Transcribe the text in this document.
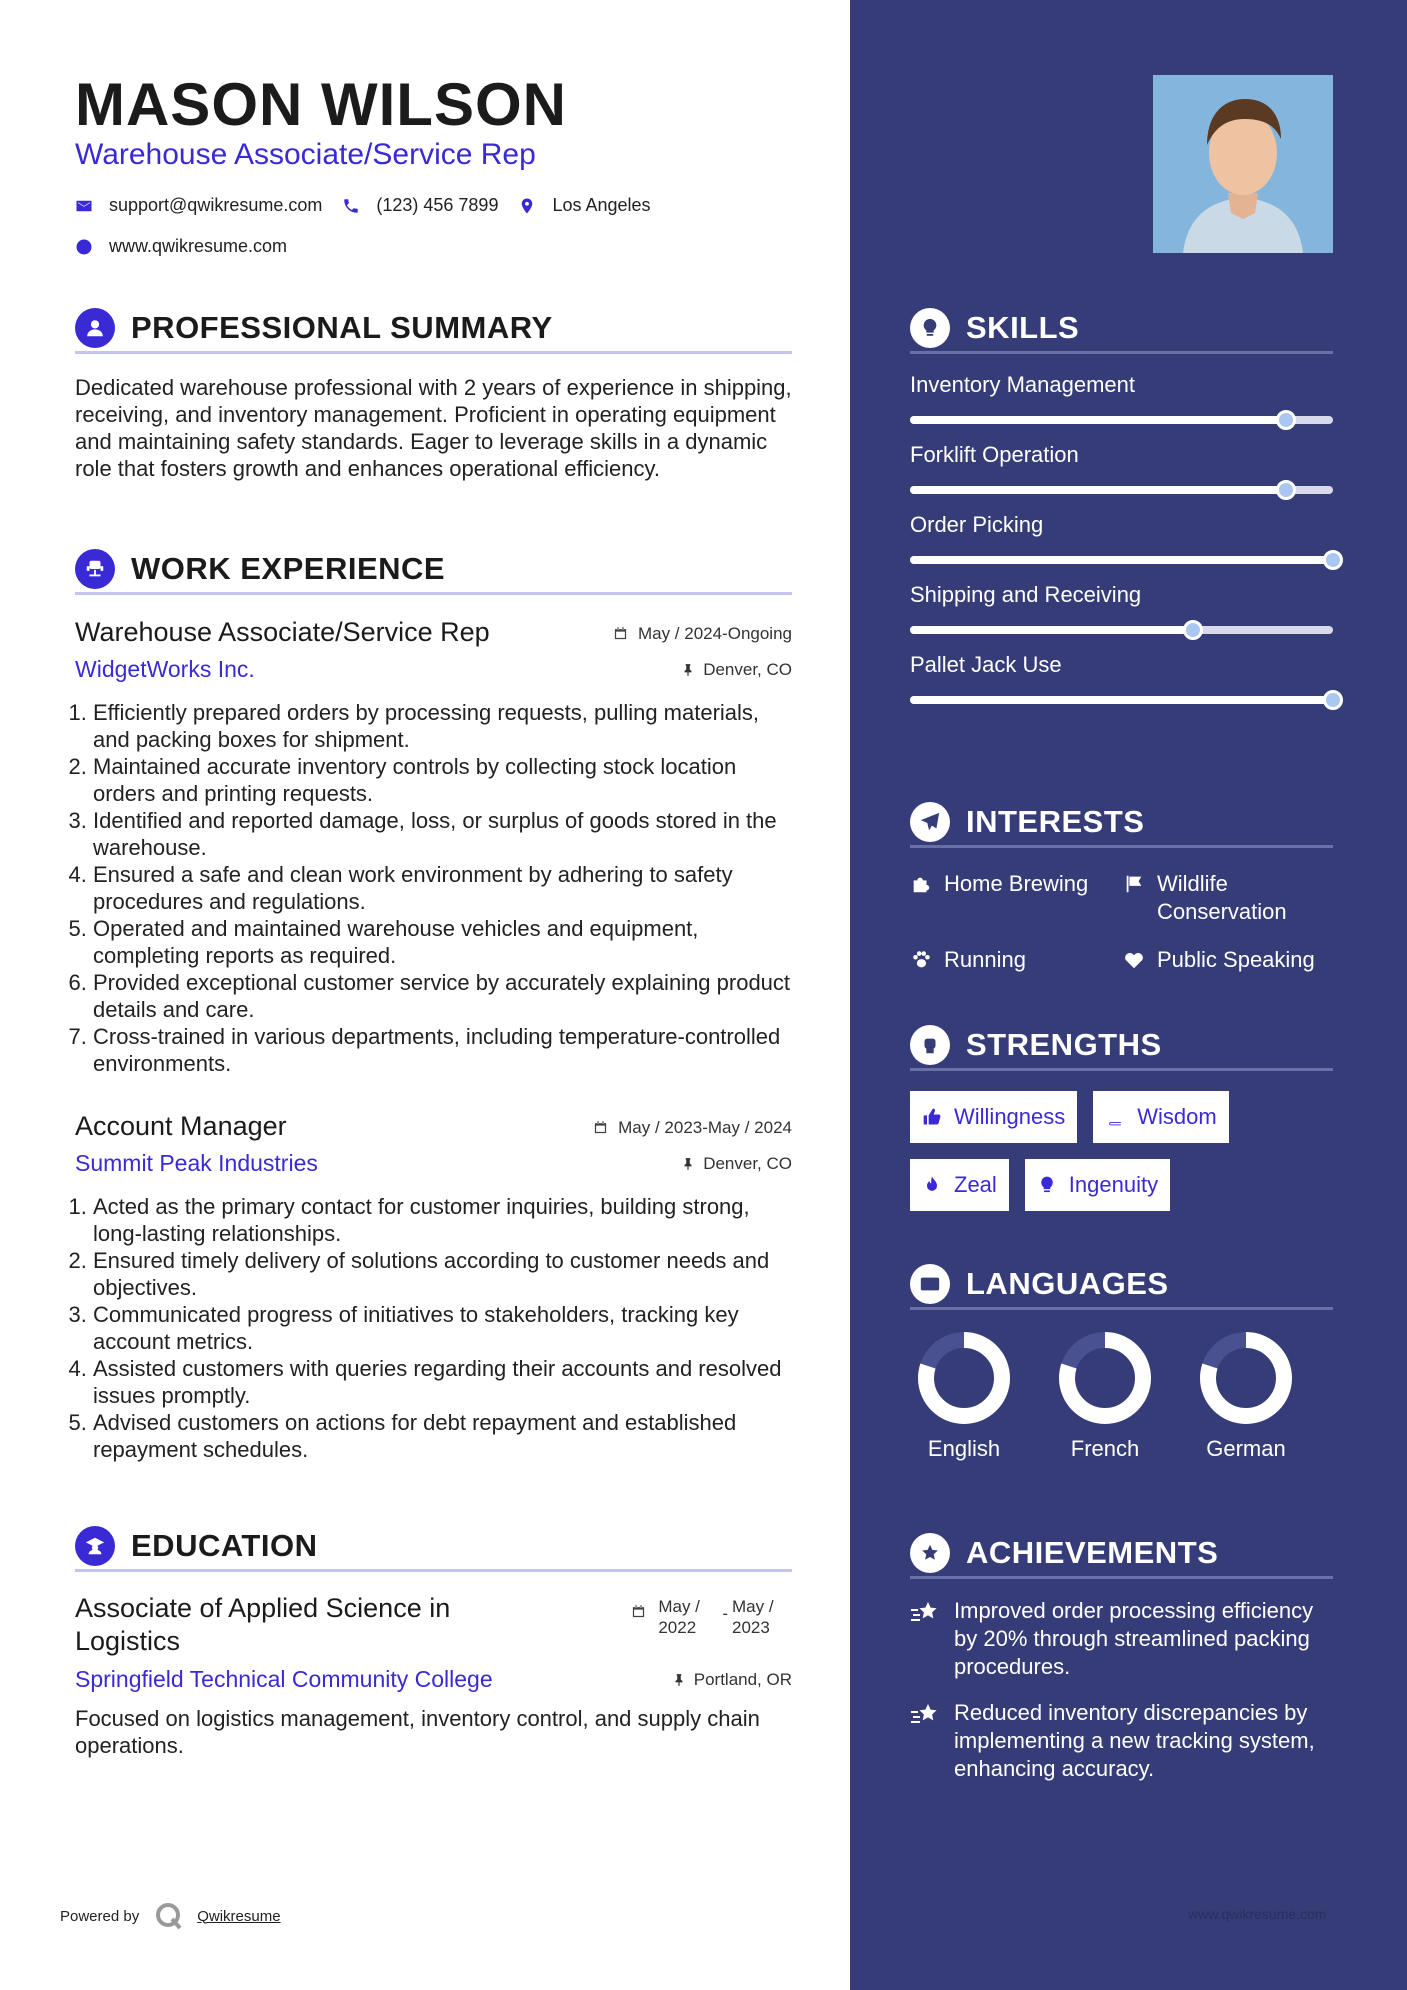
MASON WILSON
Warehouse Associate/Service Rep
support@qwikresume.com	(123) 456 7899	Los Angeles
www.qwikresume.com
PROFESSIONAL SUMMARY
Dedicated warehouse professional with 2 years of experience in shipping, receiving, and inventory management. Proficient in operating equipment and maintaining safety standards. Eager to leverage skills in a dynamic role that fosters growth and enhances operational efficiency.
WORK EXPERIENCE
Warehouse Associate/Service Rep	May / 2024-Ongoing
WidgetWorks Inc.	Denver, CO
1. Efficiently prepared orders by processing requests, pulling materials, and packing boxes for shipment.
2. Maintained accurate inventory controls by collecting stock location orders and printing requests.
3. Identified and reported damage, loss, or surplus of goods stored in the warehouse.
4. Ensured a safe and clean work environment by adhering to safety procedures and regulations.
5. Operated and maintained warehouse vehicles and equipment, completing reports as required.
6. Provided exceptional customer service by accurately explaining product details and care.
7. Cross-trained in various departments, including temperature-controlled environments.
Account Manager	May / 2023-May / 2024
Summit Peak Industries	Denver, CO
1. Acted as the primary contact for customer inquiries, building strong, long-lasting relationships.
2. Ensured timely delivery of solutions according to customer needs and objectives.
3. Communicated progress of initiatives to stakeholders, tracking key account metrics.
4. Assisted customers with queries regarding their accounts and resolved issues promptly.
5. Advised customers on actions for debt repayment and established repayment schedules.
EDUCATION
Associate of Applied Science in Logistics
May / 2022
- May / 2023
Springfield Technical Community College	Portland, OR
Focused on logistics management, inventory control, and supply chain operations.
Powered by	Qwikresume
SKILLS
Inventory Management
Forklift Operation
Order Picking
Shipping and Receiving
Pallet Jack Use
INTERESTS
Home Brewing	Wildlife Conservation
Running	Public Speaking
STRENGTHS
Willingness	Wisdom
Zeal	Ingenuity
LANGUAGES
English	French	German
ACHIEVEMENTS
Improved order processing efficiency by 20% through streamlined packing procedures.
Reduced inventory discrepancies by implementing a new tracking system, enhancing accuracy.
www.qwikresume.com
